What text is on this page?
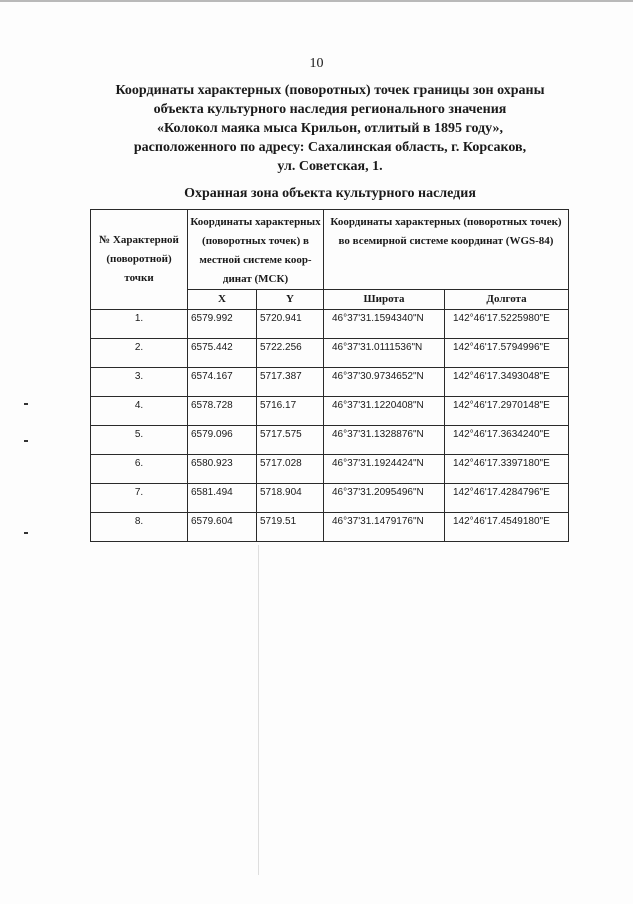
10
Координаты характерных (поворотных) точек границы зон охраны
объекта культурного наследия регионального значения
«Колокол маяка мыса Крильон, отлитый в 1895 году»,
расположенного по адресу: Сахалинская область, г. Корсаков,
ул. Советская, 1.
Охранная зона объекта культурного наследия
№ Характерной (поворотной) точки	Координаты характерных (поворотных точек) в местной системе коор-динат (МСК)		Координаты характерных (поворотных точек) во всемирной системе координат (WGS-84)	
	X	Y	Широта	Долгота
1.	6579.992	5720.941	46°37'31.1594340"N	142°46'17.5225980"E
2.	6575.442	5722.256	46°37'31.0111536"N	142°46'17.5794996"E
3.	6574.167	5717.387	46°37'30.9734652"N	142°46'17.3493048"E
4.	6578.728	5716.17	46°37'31.1220408"N	142°46'17.2970148"E
5.	6579.096	5717.575	46°37'31.1328876"N	142°46'17.3634240"E
6.	6580.923	5717.028	46°37'31.1924424"N	142°46'17.3397180"E
7.	6581.494	5718.904	46°37'31.2095496"N	142°46'17.4284796"E
8.	6579.604	5719.51	46°37'31.1479176"N	142°46'17.4549180"E
